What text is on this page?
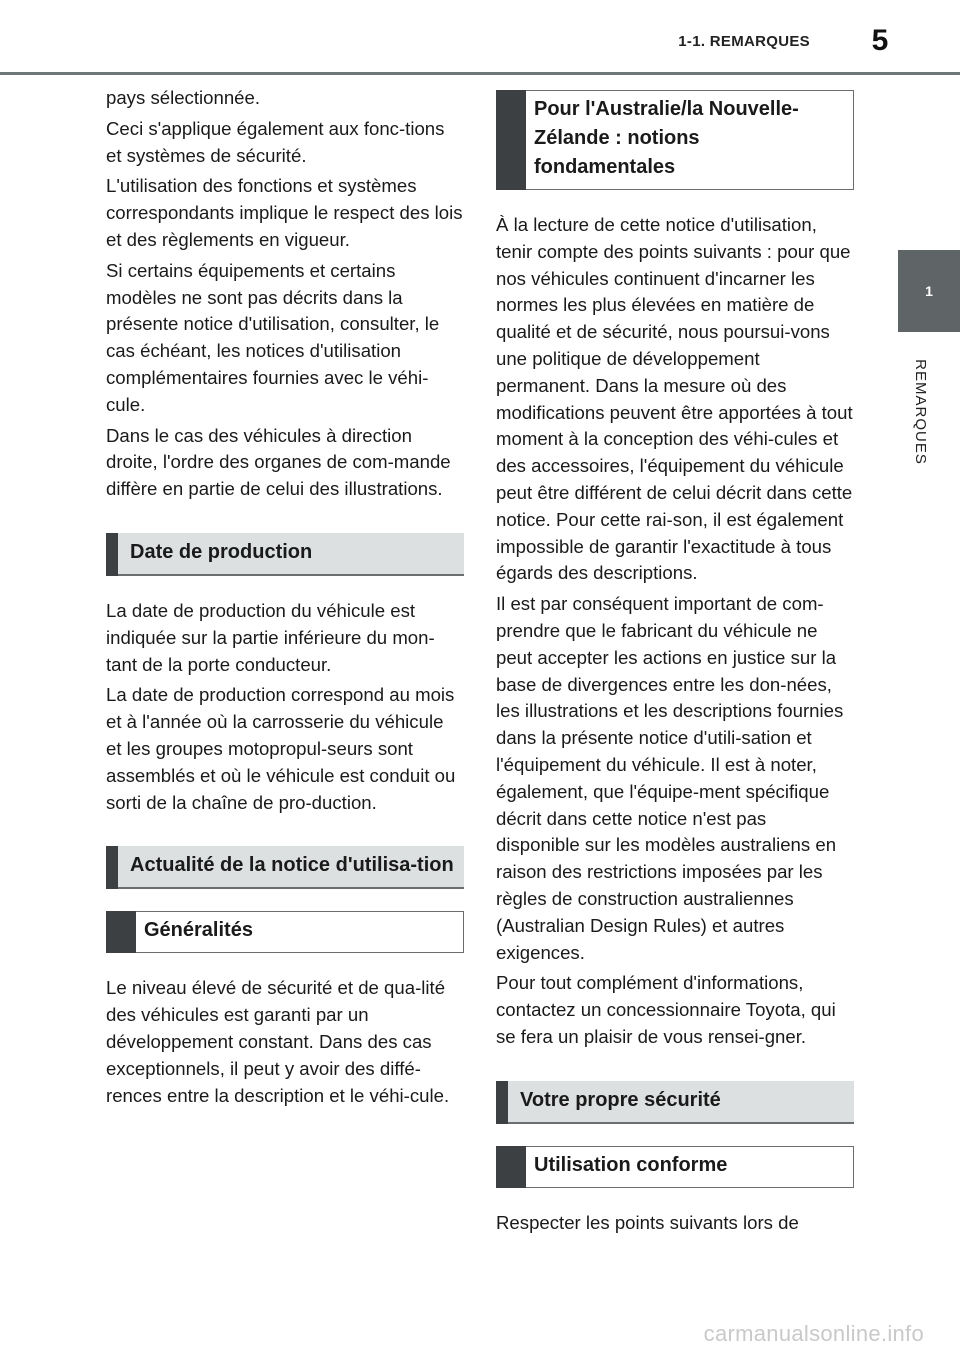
1-1. REMARQUES	5
1
REMARQUES

pays sélectionnée.

Ceci s'applique également aux fonc-tions et systèmes de sécurité.

L'utilisation des fonctions et systèmes correspondants implique le respect des lois et des règlements en vigueur.

Si certains équipements et certains modèles ne sont pas décrits dans la présente notice d'utilisation, consulter, le cas échéant, les notices d'utilisation complémentaires fournies avec le véhi-cule.

Dans le cas des véhicules à direction droite, l'ordre des organes de com-mande diffère en partie de celui des illustrations.

Date de production

La date de production du véhicule est indiquée sur la partie inférieure du mon-tant de la porte conducteur.

La date de production correspond au mois et à l'année où la carrosserie du véhicule et les groupes motopropul-seurs sont assemblés et où le véhicule est conduit ou sorti de la chaîne de pro-duction.

Actualité de la notice d'utilisa-tion
Généralités

Le niveau élevé de sécurité et de qua-lité des véhicules est garanti par un développement constant. Dans des cas exceptionnels, il peut y avoir des diffé-rences entre la description et le véhi-cule.

Pour l'Australie/la Nouvelle-Zélande : notions fondamentales

À la lecture de cette notice d'utilisation, tenir compte des points suivants : pour que nos véhicules continuent d'incarner les normes les plus élevées en matière de qualité et de sécurité, nous poursui-vons une politique de développement permanent. Dans la mesure où des modifications peuvent être apportées à tout moment à la conception des véhi-cules et des accessoires, l'équipement du véhicule peut être différent de celui décrit dans cette notice. Pour cette rai-son, il est également impossible de garantir l'exactitude à tous égards des descriptions.

Il est par conséquent important de com-prendre que le fabricant du véhicule ne peut accepter les actions en justice sur la base de divergences entre les don-nées, les illustrations et les descriptions fournies dans la présente notice d'utili-sation et l'équipement du véhicule. Il est à noter, également, que l'équipe-ment spécifique décrit dans cette notice n'est pas disponible sur les modèles australiens en raison des restrictions imposées par les règles de construction australiennes (Australian Design Rules) et autres exigences.

Pour tout complément d'informations, contactez un concessionnaire Toyota, qui se fera un plaisir de vous rensei-gner.

Votre propre sécurité
Utilisation conforme

Respecter les points suivants lors de

carmanualsonline.info
